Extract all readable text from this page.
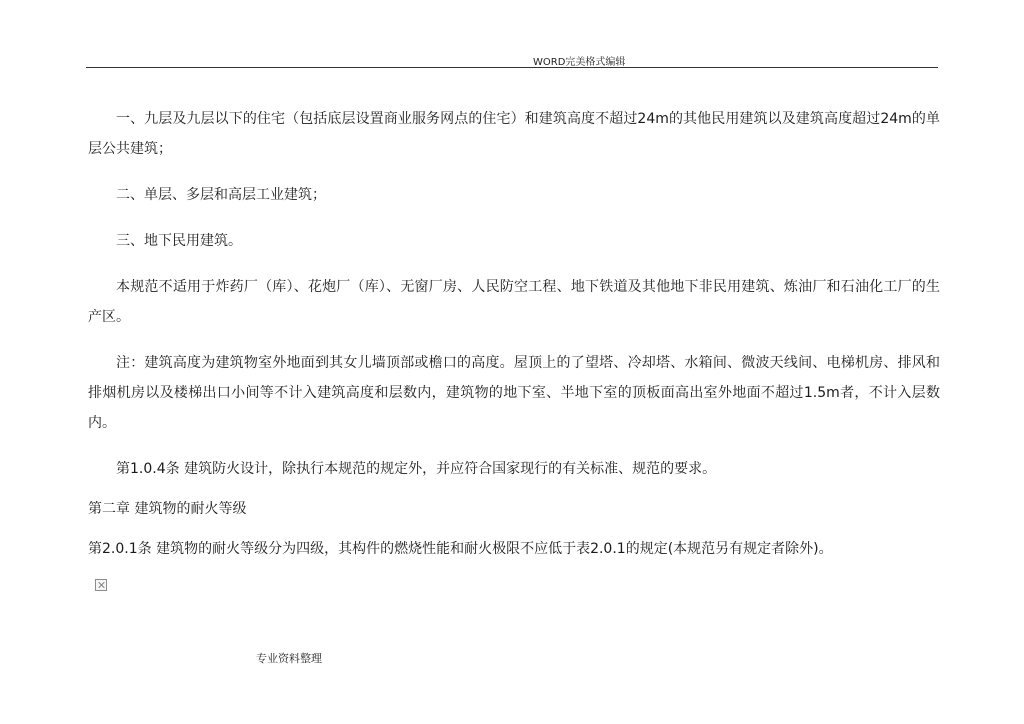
WORD完美格式编辑

一、九层及九层以下的住宅（包括底层设置商业服务网点的住宅）和建筑高度不超过24m的其他民用建筑以及建筑高度超过24m的单层公共建筑；

二、单层、多层和高层工业建筑；

三、地下民用建筑。

本规范不适用于炸药厂（库）、花炮厂（库）、无窗厂房、人民防空工程、地下铁道及其他地下非民用建筑、炼油厂和石油化工厂的生产区。

注：建筑高度为建筑物室外地面到其女儿墙顶部或檐口的高度。屋顶上的了望塔、冷却塔、水箱间、微波天线间、电梯机房、排风和排烟机房以及楼梯出口小间等不计入建筑高度和层数内，建筑物的地下室、半地下室的顶板面高出室外地面不超过1.5m者，不计入层数内。

第1.0.4条 建筑防火设计，除执行本规范的规定外，并应符合国家现行的有关标准、规范的要求。

第二章 建筑物的耐火等级

第2.0.1条 建筑物的耐火等级分为四级，其构件的燃烧性能和耐火极限不应低于表2.0.1的规定(本规范另有规定者除外)。

专业资料整理
